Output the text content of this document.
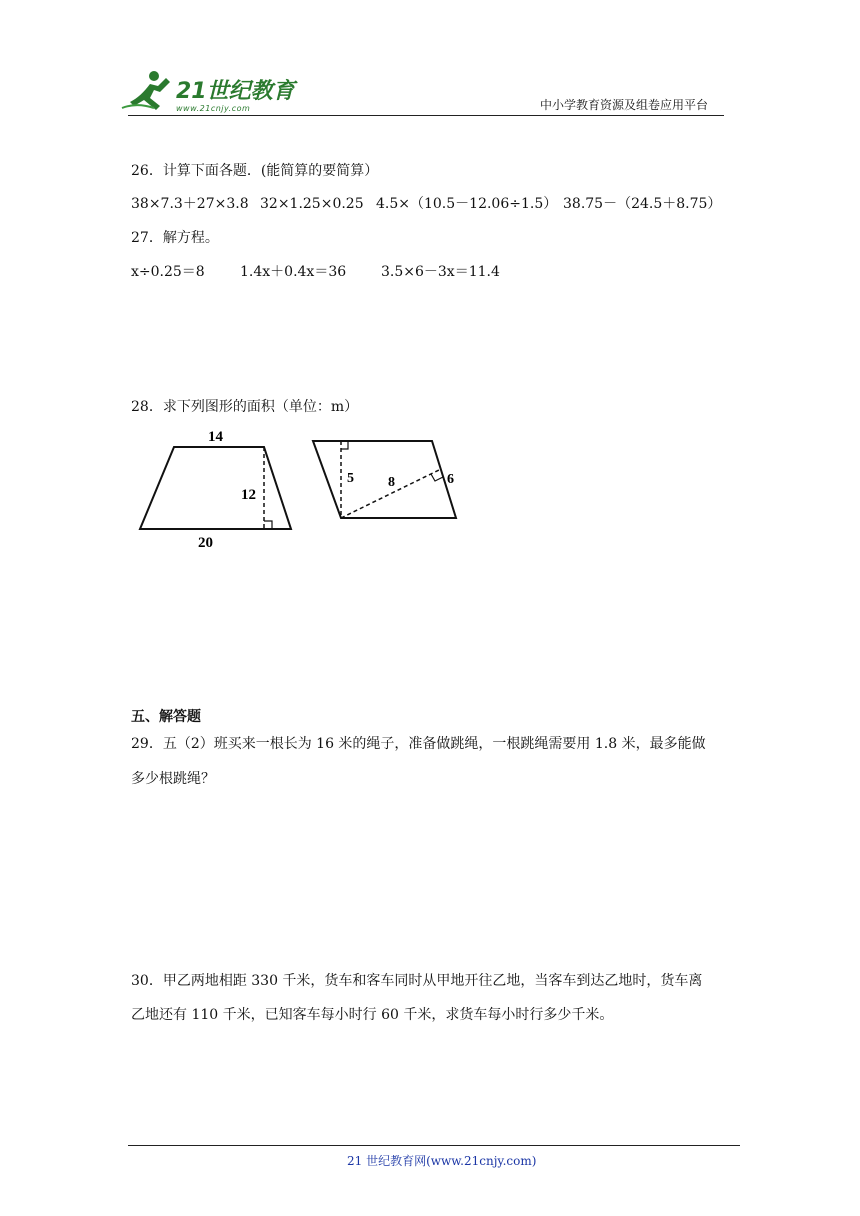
21世纪教育
www.21cnjy.com	中小学教育资源及组卷应用平台
26．计算下面各题．(能简算的要简算）
38×7.3＋27×3.8 32×1.25×0.25 4.5×（10.5－12.06÷1.5） 38.75－（24.5＋8.75）
27．解方程。
x÷0.25＝8	1.4x＋0.4x＝36 3.5×6－3x＝11.4
28．求下列图形的面积（单位：m）
14
12
20
5 8	6
五、解答题
29．五（2）班买来一根长为 16 米的绳子，准备做跳绳，一根跳绳需要用 1.8 米，最多能做
多少根跳绳？
30．甲乙两地相距 330 千米，货车和客车同时从甲地开往乙地，当客车到达乙地时，货车离
乙地还有 110 千米，已知客车每小时行 60 千米，求货车每小时行多少千米。
21 世纪教育网(www.21cnjy.com)
